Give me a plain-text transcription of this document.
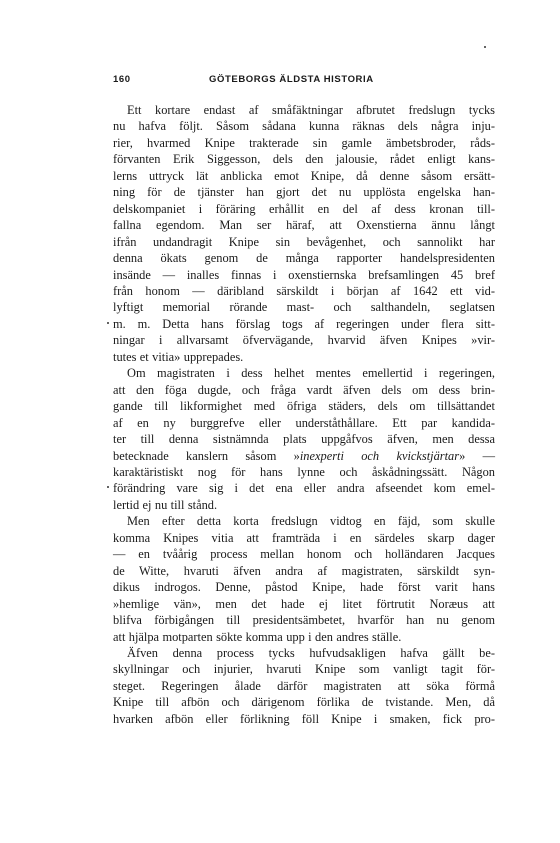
160	GÖTEBORGS ÄLDSTA HISTORIA
Ett kortare endast af småfäktningar afbrutet fredslugn tycks
nu hafva följt. Såsom sådana kunna räknas dels några inju-
rier, hvarmed Knipe trakterade sin gamle ämbetsbroder, råds-
förvanten Erik Siggesson, dels den jalousie, rådet enligt kans-
lerns uttryck lät anblicka emot Knipe, då denne såsom ersätt-
ning för de tjänster han gjort det nu upplösta engelska han-
delskompaniet i föräring erhållit en del af dess kronan till-
fallna egendom. Man ser häraf, att Oxenstierna ännu långt
ifrån undandragit Knipe sin bevågenhet, och sannolikt har
denna ökats genom de många rapporter handelspresidenten
insände — inalles finnas i oxenstiernska brefsamlingen 45 bref
från honom — däribland särskildt i början af 1642 ett vid-
lyftigt memorial rörande mast- och salthandeln, seglatsen
m. m. Detta hans förslag togs af regeringen under flera sitt-
ningar i allvarsamt öfvervägande, hvarvid äfven Knipes »vir-
tutes et vitia» upprepades.
Om magistraten i dess helhet mentes emellertid i regeringen,
att den föga dugde, och fråga vardt äfven dels om dess brin-
gande till likformighet med öfriga städers, dels om tillsättandet
af en ny burggrefve eller underståthållare. Ett par kandida-
ter till denna sistnämnda plats uppgåfvos äfven, men dessa
betecknade kanslern såsom »inexperti och kvickstjärtar» —
karaktäristiskt nog för hans lynne och åskådningssätt. Någon
förändring vare sig i det ena eller andra afseendet kom emel-
lertid ej nu till stånd.
Men efter detta korta fredslugn vidtog en fäjd, som skulle
komma Knipes vitia att framträda i en särdeles skarp dager
— en tvåårig process mellan honom och holländaren Jacques
de Witte, hvaruti äfven andra af magistraten, särskildt syn-
dikus indrogos. Denne, påstod Knipe, hade först varit hans
»hemlige vän», men det hade ej litet förtrutit Noræus att
blifva förbigången till presidentsämbetet, hvarför han nu genom
att hjälpa motparten sökte komma upp i den andres ställe.
Äfven denna process tycks hufvudsakligen hafva gällt be-
skyllningar och injurier, hvaruti Knipe som vanligt tagit för-
steget. Regeringen ålade därför magistraten att söka förmå
Knipe till afbön och därigenom förlika de tvistande. Men, då
hvarken afbön eller förlikning föll Knipe i smaken, fick pro-
